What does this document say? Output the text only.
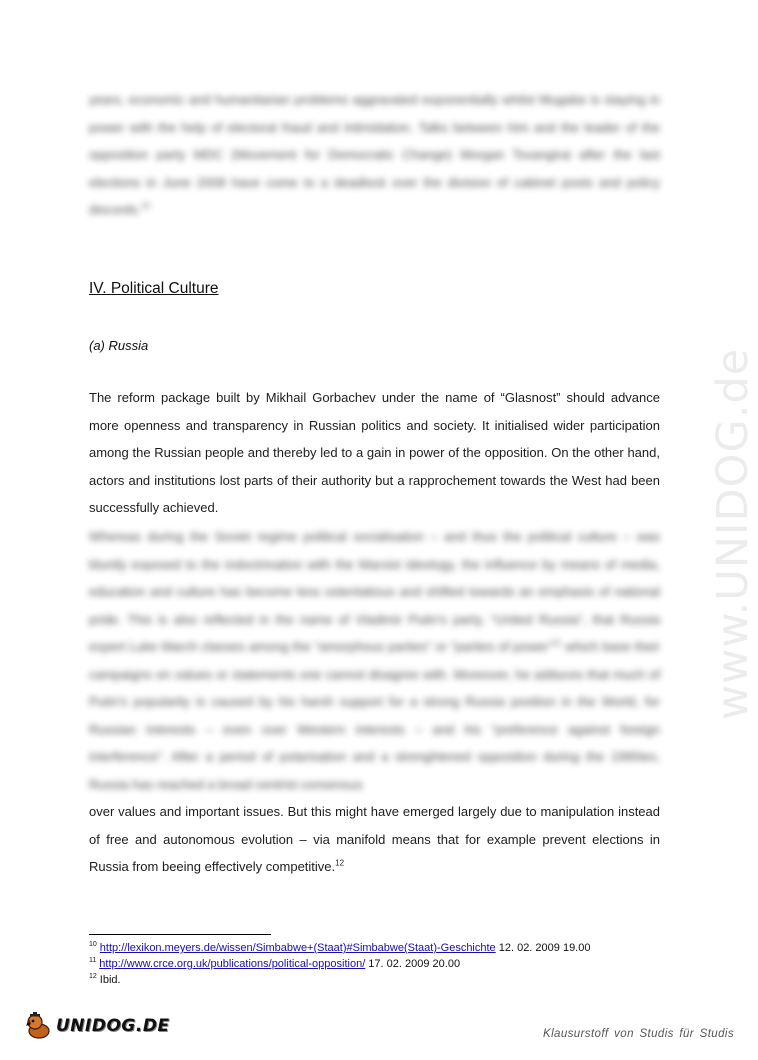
years, economic and humanitarian problems aggravated exponentially whilst Mugabe is staying in power with the help of electoral fraud and intimidation. Talks between him and the leader of the opposition party MDC (Movement for Democratic Change) Morgan Tsvangirai after the last elections in June 2008 have come to a deadlock over the division of cabinet posts and policy discords.$^{10}$

IV. Political Culture

(a) Russia

The reform package built by Mikhail Gorbachev under the name of “Glasnost” should advance more openness and transparency in Russian politics and society. It initialised wider participation among the Russian people and thereby led to a gain in power of the opposition. On the other hand, actors and institutions lost parts of their authority but a rapprochement towards the West had been successfully achieved.

Whereas during the Soviet regime political socialisation – and thus the political culture – was bluntly exposed to the indoctrination with the Marxist ideology, the influence by means of media, education and culture has become less ostentatious and shifted towards an emphasis of national pride. This is also reflected in the name of Vladimir Putin's party, “United Russia”, that Russia expert Luke March classes among the “amorphous parties” or “parties of power”$^{11}$ which base their campaigns on values or statements one cannot disagree with. Moreover, he adduces that much of Putin's popularity is caused by his harsh support for a strong Russia position in the World, for Russian interests – even over Western interests – and his “preference against foreign interference”. After a period of polarisation and a strenghtened opposition during the 1990ies, Russia has reached a broad centrist consensus

over values and important issues. But this might have emerged largely due to manipulation instead of free and autonomous evolution – via manifold means that for example prevent elections in Russia from beeing effectively competitive.$^{12}$

www.UNIDOG.de
$^{10}$ http://lexikon.meyers.de/wissen/Simbabwe+(Staat)#Simbabwe(Staat)-Geschichte 12. 02. 2009 19.00
$^{11}$ http://www.crce.org.uk/publications/political-opposition/ 17. 02. 2009 20.00
$^{12}$ Ibid.
UNIDOG.DE	Klausurstoff von Studis für Studis
